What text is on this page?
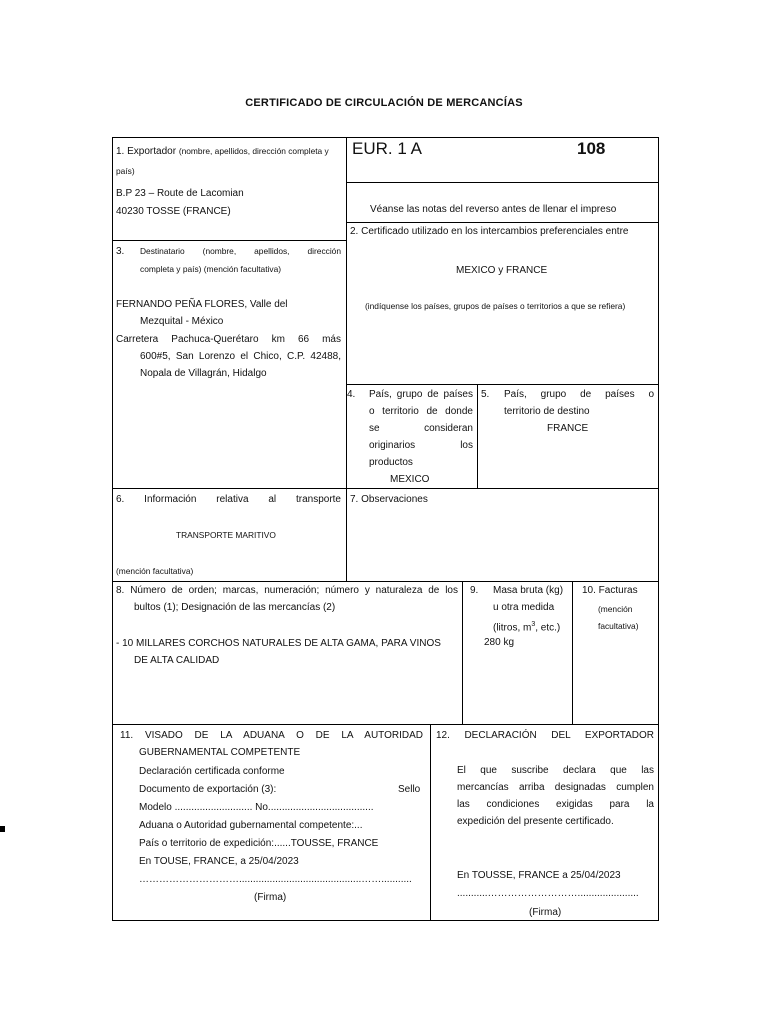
CERTIFICADO DE CIRCULACIÓN DE MERCANCÍAS
1. Exportador (nombre, apellidos, dirección completa y
país)
B.P 23 – Route de Lacomian
40230 TOSSE (FRANCE)
EUR. 1 A	108
Véanse las notas del reverso antes de llenar el impreso
2. Certificado utilizado en los intercambios preferenciales entre
MEXICO y FRANCE
(indíquense los países, grupos de países o territorios a que se refiera)
3. Destinatario (nombre, apellidos, dirección
completa y país) (mención facultativa)
FERNANDO PEÑA FLORES, Valle del
Mezquital - México
Carretera Pachuca-Querétaro km 66 más
600#5, San Lorenzo el Chico, C.P. 42488,
Nopala de Villagrán, Hidalgo
4. País, grupo de países
o territorio de donde
se consideran
originarios los
productos
MEXICO
5. País, grupo de países o
territorio de destino
FRANCE
6. Información relativa al transporte
TRANSPORTE MARITIVO
(mención facultativa)
7. Observaciones
8. Número de orden; marcas, numeración; número y naturaleza de los
bultos (1); Designación de las mercancías (2)
- 10 MILLARES CORCHOS NATURALES DE ALTA GAMA, PARA VINOS
DE ALTA CALIDAD
9. Masa bruta (kg)
u otra medida
(litros, $m^3$, etc.)
280 kg
10. Facturas
(mención
facultativa)
11. VISADO DE LA ADUANA O DE LA AUTORIDAD
GUBERNAMENTAL COMPETENTE
Declaración certificada conforme
Documento de exportación (3):	Sello
Modelo ............................ No......................................
Aduana o Autoridad gubernamental competente:...
País o territorio de expedición:......TOUSSE, FRANCE
En TOUSE, FRANCE, a 25/04/2023
…………………………............................................……...........
(Firma)
12. DECLARACIÓN DEL EXPORTADOR
El que suscribe declara que las
mercancías arriba designadas cumplen
las condiciones exigidas para la
expedición del presente certificado.
En TOUSSE, FRANCE a 25/04/2023
...........………………………......................
(Firma)
